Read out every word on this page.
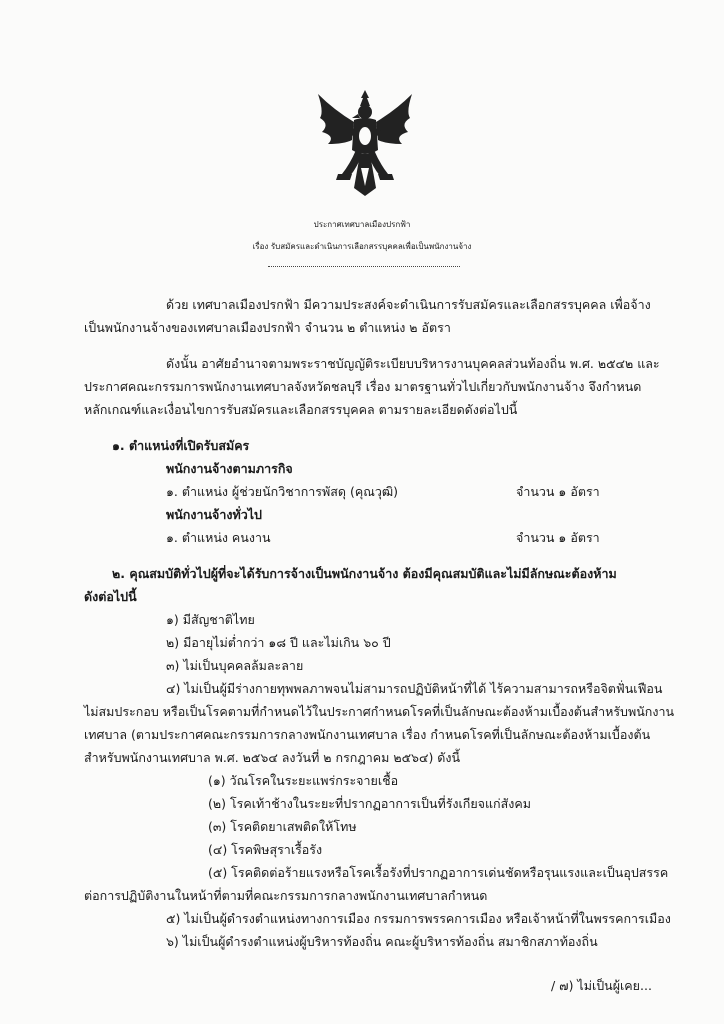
ประกาศเทศบาลเมืองปรกฟ้า
เรื่อง รับสมัครและดำเนินการเลือกสรรบุคคลเพื่อเป็นพนักงานจ้าง
ด้วย เทศบาลเมืองปรกฟ้า มีความประสงค์จะดำเนินการรับสมัครและเลือกสรรบุคคล เพื่อจ้าง
เป็นพนักงานจ้างของเทศบาลเมืองปรกฟ้า จำนวน ๒ ตำแหน่ง ๒ อัตรา
ดังนั้น อาศัยอำนาจตามพระราชบัญญัติระเบียบบริหารงานบุคคลส่วนท้องถิ่น พ.ศ. ๒๕๔๒ และ
ประกาศคณะกรรมการพนักงานเทศบาลจังหวัดชลบุรี เรื่อง มาตรฐานทั่วไปเกี่ยวกับพนักงานจ้าง จึงกำหนด
หลักเกณฑ์และเงื่อนไขการรับสมัครและเลือกสรรบุคคล ตามรายละเอียดดังต่อไปนี้
๑. ตำแหน่งที่เปิดรับสมัคร
พนักงานจ้างตามภารกิจ
๑. ตำแหน่ง ผู้ช่วยนักวิชาการพัสดุ (คุณวุฒิ)	จำนวน ๑ อัตรา
พนักงานจ้างทั่วไป
๑. ตำแหน่ง คนงาน	จำนวน ๑ อัตรา
๒. คุณสมบัติทั่วไปผู้ที่จะได้รับการจ้างเป็นพนักงานจ้าง ต้องมีคุณสมบัติและไม่มีลักษณะต้องห้าม
ดังต่อไปนี้
๑) มีสัญชาติไทย
๒) มีอายุไม่ต่ำกว่า ๑๘ ปี และไม่เกิน ๖๐ ปี
๓) ไม่เป็นบุคคลล้มละลาย
๔) ไม่เป็นผู้มีร่างกายทุพพลภาพจนไม่สามารถปฏิบัติหน้าที่ได้ ไร้ความสามารถหรือจิตฟั่นเฟือน
ไม่สมประกอบ หรือเป็นโรคตามที่กำหนดไว้ในประกาศกำหนดโรคที่เป็นลักษณะต้องห้ามเบื้องต้นสำหรับพนักงาน
เทศบาล (ตามประกาศคณะกรรมการกลางพนักงานเทศบาล เรื่อง กำหนดโรคที่เป็นลักษณะต้องห้ามเบื้องต้น
สำหรับพนักงานเทศบาล พ.ศ. ๒๕๖๔ ลงวันที่ ๒ กรกฎาคม ๒๕๖๔) ดังนี้
(๑) วัณโรคในระยะแพร่กระจายเชื้อ
(๒) โรคเท้าช้างในระยะที่ปรากฏอาการเป็นที่รังเกียจแก่สังคม
(๓) โรคติดยาเสพติดให้โทษ
(๔) โรคพิษสุราเรื้อรัง
(๕) โรคติดต่อร้ายแรงหรือโรคเรื้อรังที่ปรากฏอาการเด่นชัดหรือรุนแรงและเป็นอุปสรรค
ต่อการปฏิบัติงานในหน้าที่ตามที่คณะกรรมการกลางพนักงานเทศบาลกำหนด
๕) ไม่เป็นผู้ดำรงตำแหน่งทางการเมือง กรรมการพรรคการเมือง หรือเจ้าหน้าที่ในพรรคการเมือง
๖) ไม่เป็นผู้ดำรงตำแหน่งผู้บริหารท้องถิ่น คณะผู้บริหารท้องถิ่น สมาชิกสภาท้องถิ่น
/ ๗) ไม่เป็นผู้เคย...
